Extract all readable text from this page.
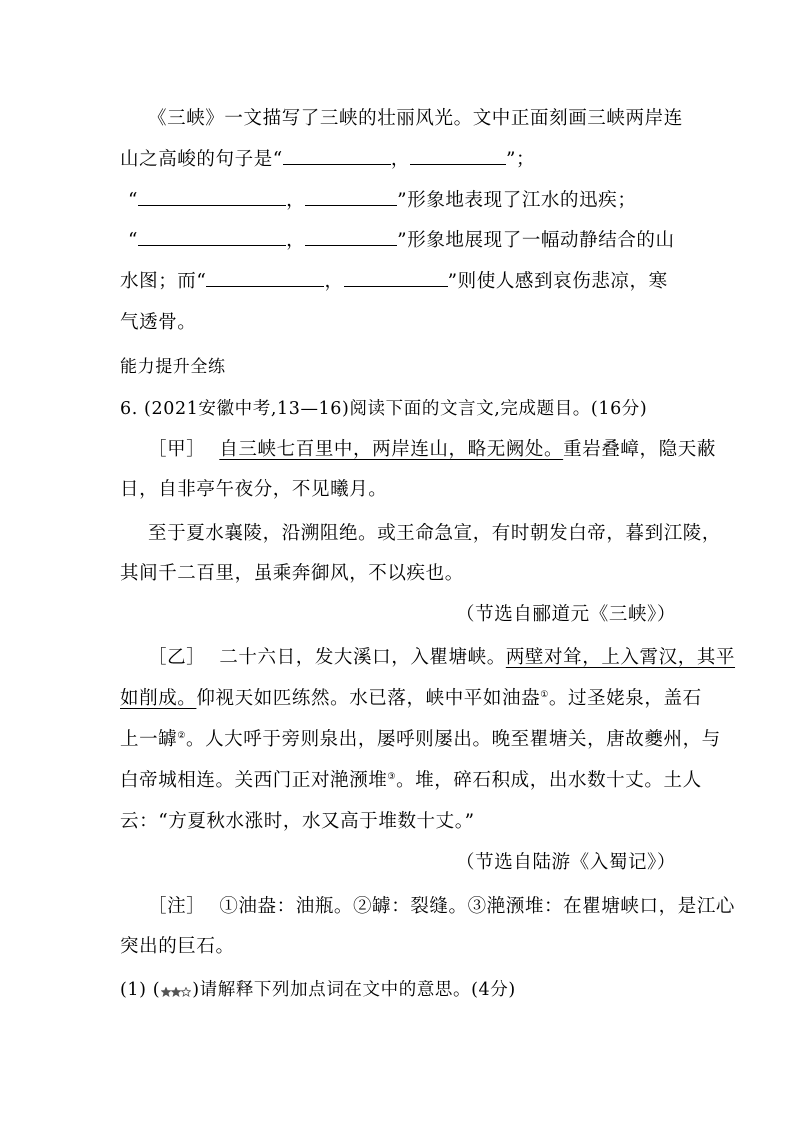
《三峡》一文描写了三峡的壮丽风光。文中正面刻画三峡两岸连
山之高峻的句子是“	，	”；
“	，	”形象地表现了江水的迅疾；
“	，	”形象地展现了一幅动静结合的山
水图；而“	，	”则使人感到哀伤悲凉，寒
气透骨。
能力提升全练
6. (2021安徽中考,13—16)阅读下面的文言文,完成题目。(16分)
［甲］ 自三峡七百里中，两岸连山，略无阙处。重岩叠嶂，隐天蔽
日，自非亭午夜分，不见曦月。
至于夏水襄陵，沿溯阻绝。或王命急宣，有时朝发白帝，暮到江陵，
其间千二百里，虽乘奔御风，不以疾也。
（节选自郦道元《三峡》）
［乙］ 二十六日，发大溪口，入瞿塘峡。两壁对耸，上入霄汉，其平
如削成。仰视天如匹练然。水已落，峡中平如油盎①。过圣姥泉，盖石
上一罅②。人大呼于旁则泉出，屡呼则屡出。晚至瞿塘关，唐故夔州，与
白帝城相连。关西门正对滟滪堆③。堆，碎石积成，出水数十丈。土人
云：“方夏秋水涨时，水又高于堆数十丈。”
（节选自陆游《入蜀记》）
［注］ ①油盎：油瓶。②罅：裂缝。③滟滪堆：在瞿塘峡口，是江心
突出的巨石。
(1) ( )请解释下列加点词在文中的意思。(4分)
